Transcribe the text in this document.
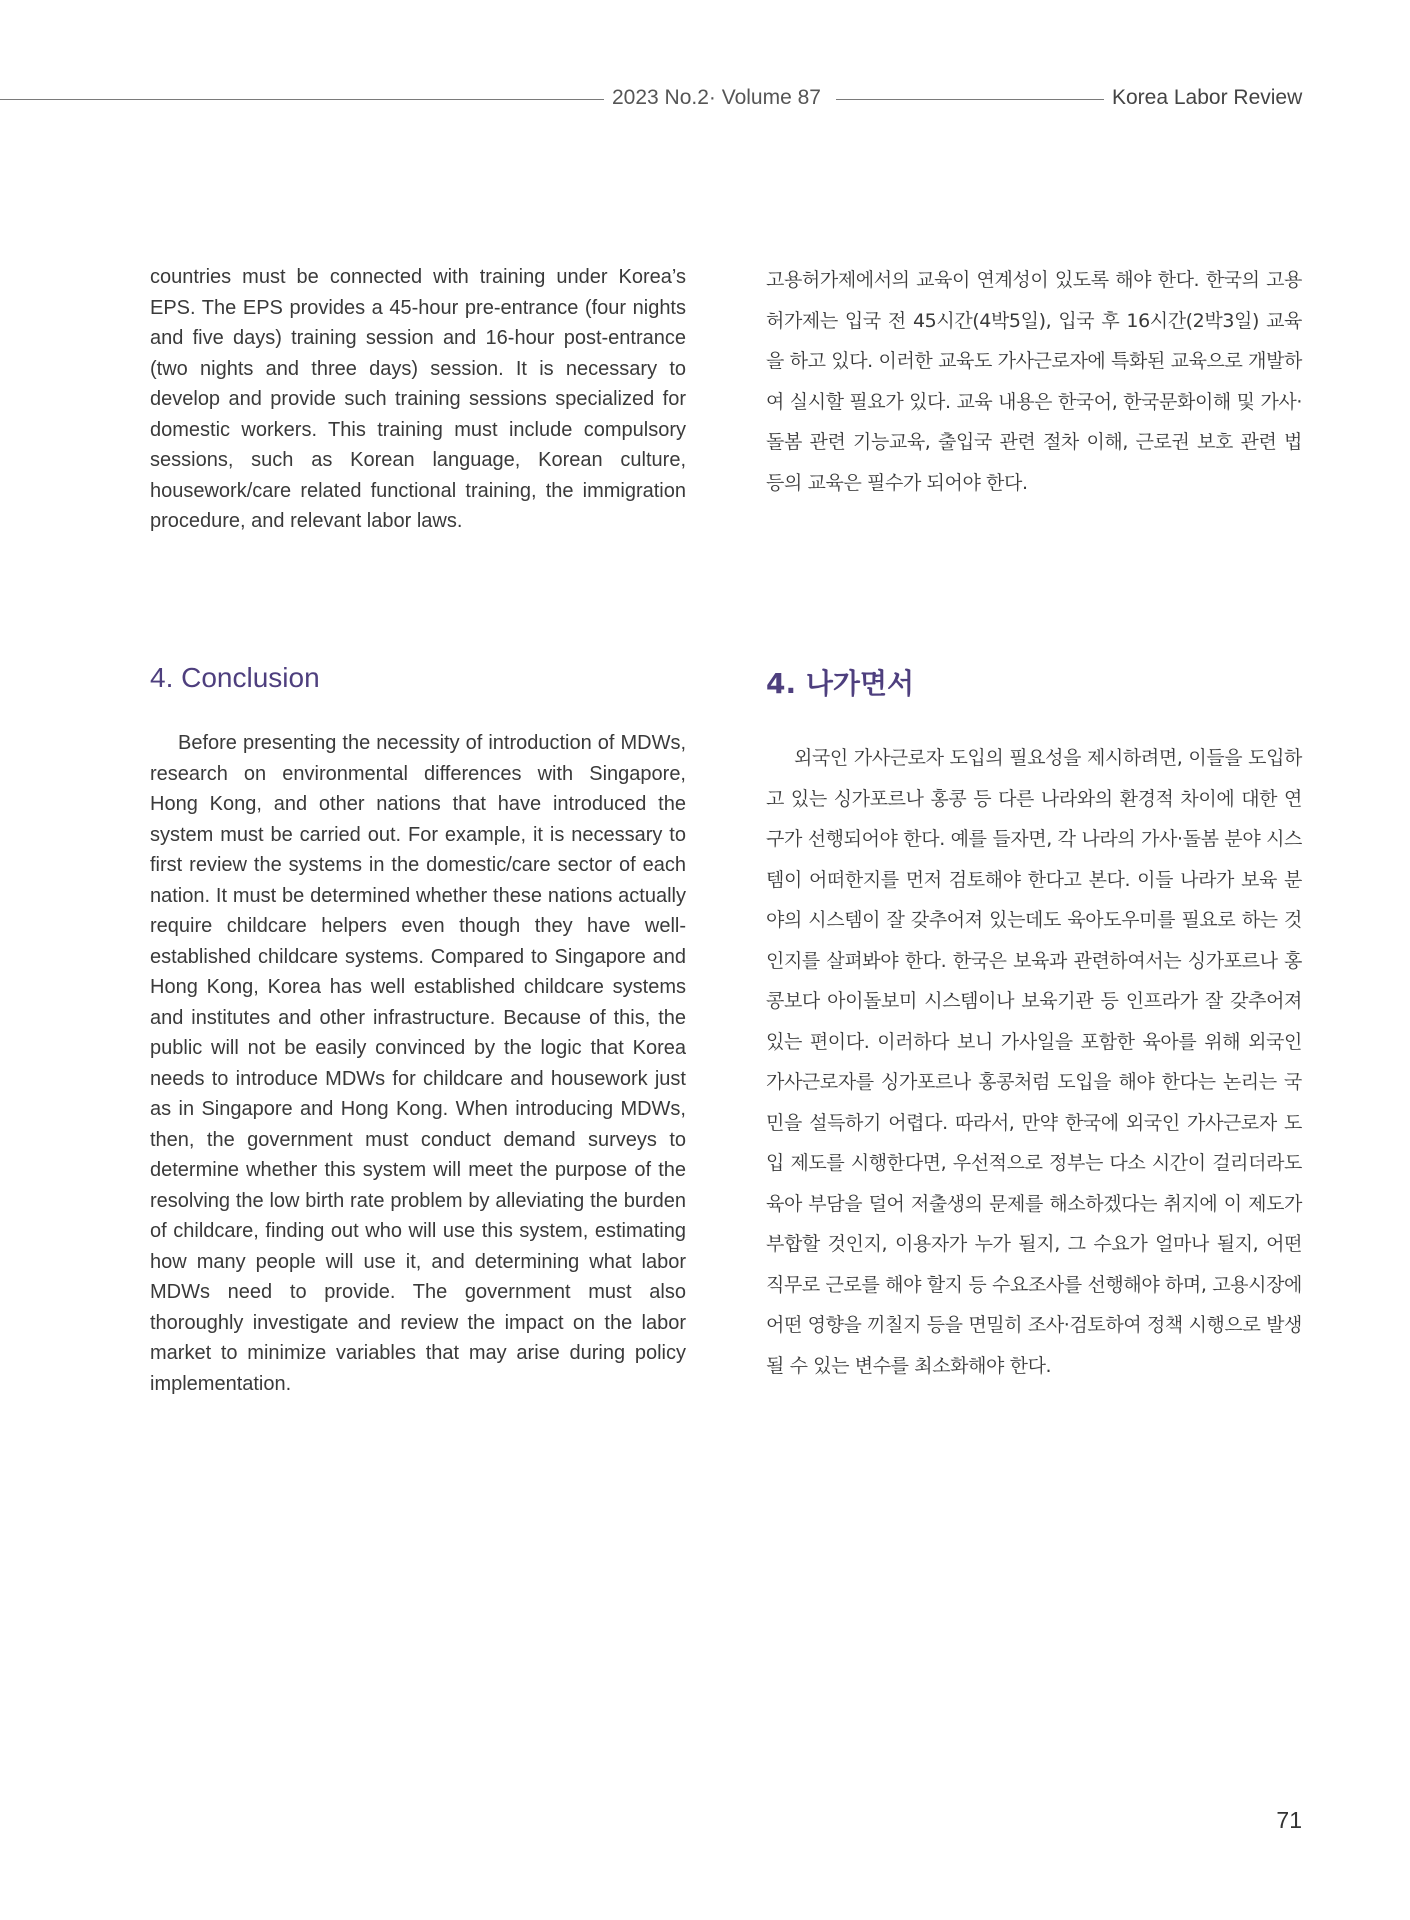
2023 No.2· Volume 87	Korea Labor Review

countries must be connected with training under Korea’s EPS. The EPS provides a 45-hour pre-entrance (four nights and five days) training session and 16-hour post-entrance (two nights and three days) session. It is necessary to develop and provide such training sessions specialized for domestic workers. This training must include compulsory sessions, such as Korean language, Korean culture, housework/care related functional training, the immigration procedure, and relevant labor laws.

고용허가제에서의 교육이 연계성이 있도록 해야 한다. 한국의 고용허가제는 입국 전 45시간(4박5일), 입국 후 16시간(2박3일) 교육을 하고 있다. 이러한 교육도 가사근로자에 특화된 교육으로 개발하여 실시할 필요가 있다. 교육 내용은 한국어, 한국문화이해 및 가사·돌봄 관련 기능교육, 출입국 관련 절차 이해, 근로권 보호 관련 법 등의 교육은 필수가 되어야 한다.

4. Conclusion	4. 나가면서

Before presenting the necessity of introduction of MDWs, research on environmental differences with Singapore, Hong Kong, and other nations that have introduced the system must be carried out. For example, it is necessary to first review the systems in the domestic/care sector of each nation. It must be determined whether these nations actually require childcare helpers even though they have well-established childcare systems. Compared to Singapore and Hong Kong, Korea has well established childcare systems and institutes and other infrastructure. Because of this, the public will not be easily convinced by the logic that Korea needs to introduce MDWs for childcare and housework just as in Singapore and Hong Kong. When introducing MDWs, then, the government must conduct demand surveys to determine whether this system will meet the purpose of the resolving the low birth rate problem by alleviating the burden of childcare, finding out who will use this system, estimating how many people will use it, and determining what labor MDWs need to provide. The government must also thoroughly investigate and review the impact on the labor market to minimize variables that may arise during policy implementation.

외국인 가사근로자 도입의 필요성을 제시하려면, 이들을 도입하고 있는 싱가포르나 홍콩 등 다른 나라와의 환경적 차이에 대한 연구가 선행되어야 한다. 예를 들자면, 각 나라의 가사·돌봄 분야 시스템이 어떠한지를 먼저 검토해야 한다고 본다. 이들 나라가 보육 분야의 시스템이 잘 갖추어져 있는데도 육아도우미를 필요로 하는 것인지를 살펴봐야 한다. 한국은 보육과 관련하여서는 싱가포르나 홍콩보다 아이돌보미 시스템이나 보육기관 등 인프라가 잘 갖추어져 있는 편이다. 이러하다 보니 가사일을 포함한 육아를 위해 외국인 가사근로자를 싱가포르나 홍콩처럼 도입을 해야 한다는 논리는 국민을 설득하기 어렵다. 따라서, 만약 한국에 외국인 가사근로자 도입 제도를 시행한다면, 우선적으로 정부는 다소 시간이 걸리더라도 육아 부담을 덜어 저출생의 문제를 해소하겠다는 취지에 이 제도가 부합할 것인지, 이용자가 누가 될지, 그 수요가 얼마나 될지, 어떤 직무로 근로를 해야 할지 등 수요조사를 선행해야 하며, 고용시장에 어떤 영향을 끼칠지 등을 면밀히 조사·검토하여 정책 시행으로 발생될 수 있는 변수를 최소화해야 한다.

71
